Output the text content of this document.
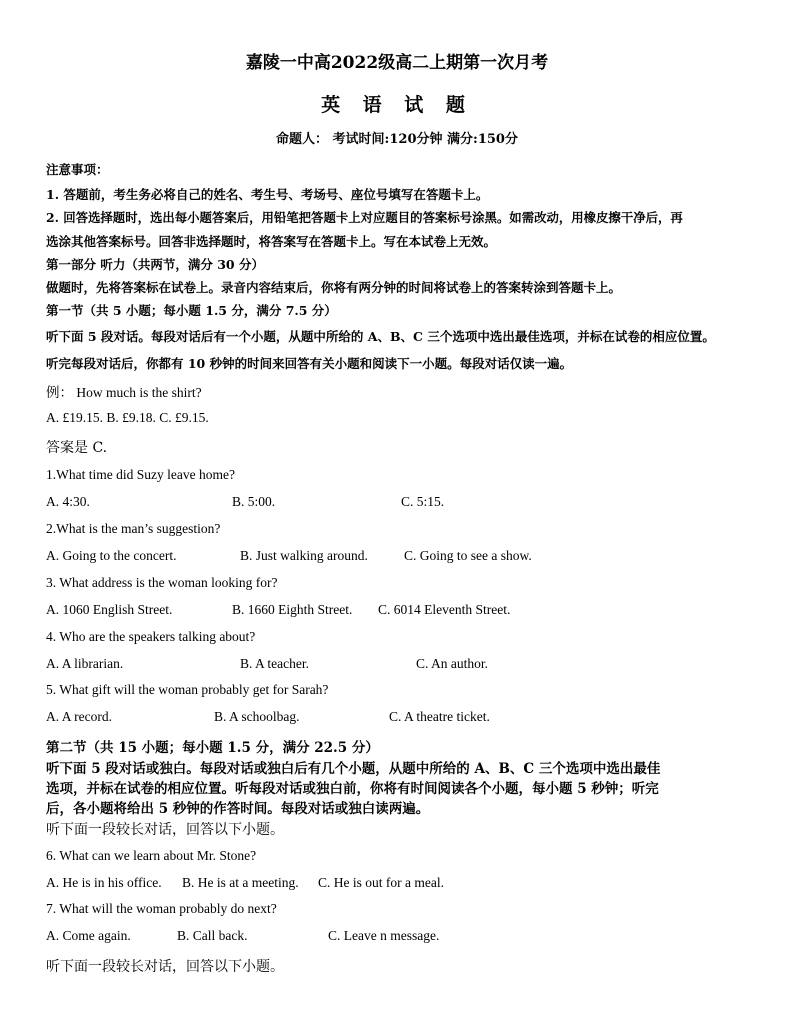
嘉陵一中高2022级高二上期第一次月考
英 语 试 题
命题人： 考试时间:120分钟 满分:150分
注意事项：
1. 答题前，考生务必将自己的姓名、考生号、考场号、座位号填写在答题卡上。
2. 回答选择题时，选出每小题答案后，用铅笔把答题卡上对应题目的答案标号涂黑。如需改动，用橡皮擦干净后，再
选涂其他答案标号。回答非选择题时，将答案写在答题卡上。写在本试卷上无效。
第一部分 听力（共两节，满分 30 分）
做题时，先将答案标在试卷上。录音内容结束后，你将有两分钟的时间将试卷上的答案转涂到答题卡上。
第一节（共 5 小题；每小题 1.5 分，满分 7.5 分）
听下面 5 段对话。每段对话后有一个小题，从题中所给的 A、B、C 三个选项中选出最佳选项，并标在试卷的相应位置。
听完每段对话后，你都有 10 秒钟的时间来回答有关小题和阅读下一小题。每段对话仅读一遍。
例： How much is the shirt?
A. £19.15. B. £9.18. C. £9.15.
答案是 C.
1.What time did Suzy leave home?
A. 4:30.	B. 5:00.	C. 5:15.
2.What is the man’s suggestion?
A. Going to the concert.	B. Just walking around.	C. Going to see a show.
3. What address is the woman looking for?
A. 1060 English Street.	B. 1660 Eighth Street. C. 6014 Eleventh Street.
4. Who are the speakers talking about?
A. A librarian.	B. A teacher.	C. An author.
5. What gift will the woman probably get for Sarah?
A. A record.	B. A schoolbag.	C. A theatre ticket.
第二节（共 15 小题；每小题 1.5 分，满分 22.5 分）
听下面 5 段对话或独白。每段对话或独白后有几个小题，从题中所给的 A、B、C 三个选项中选出最佳
选项，并标在试卷的相应位置。听每段对话或独白前，你将有时间阅读各个小题，每小题 5 秒钟；听完
后，各小题将给出 5 秒钟的作答时间。每段对话或独白读两遍。
听下面一段较长对话，回答以下小题。
6. What can we learn about Mr. Stone?
A. He is in his office. B. He is at a meeting. C. He is out for a meal.
7. What will the woman probably do next?
A. Come again.	B. Call back.	C. Leave n message.
听下面一段较长对话，回答以下小题。
